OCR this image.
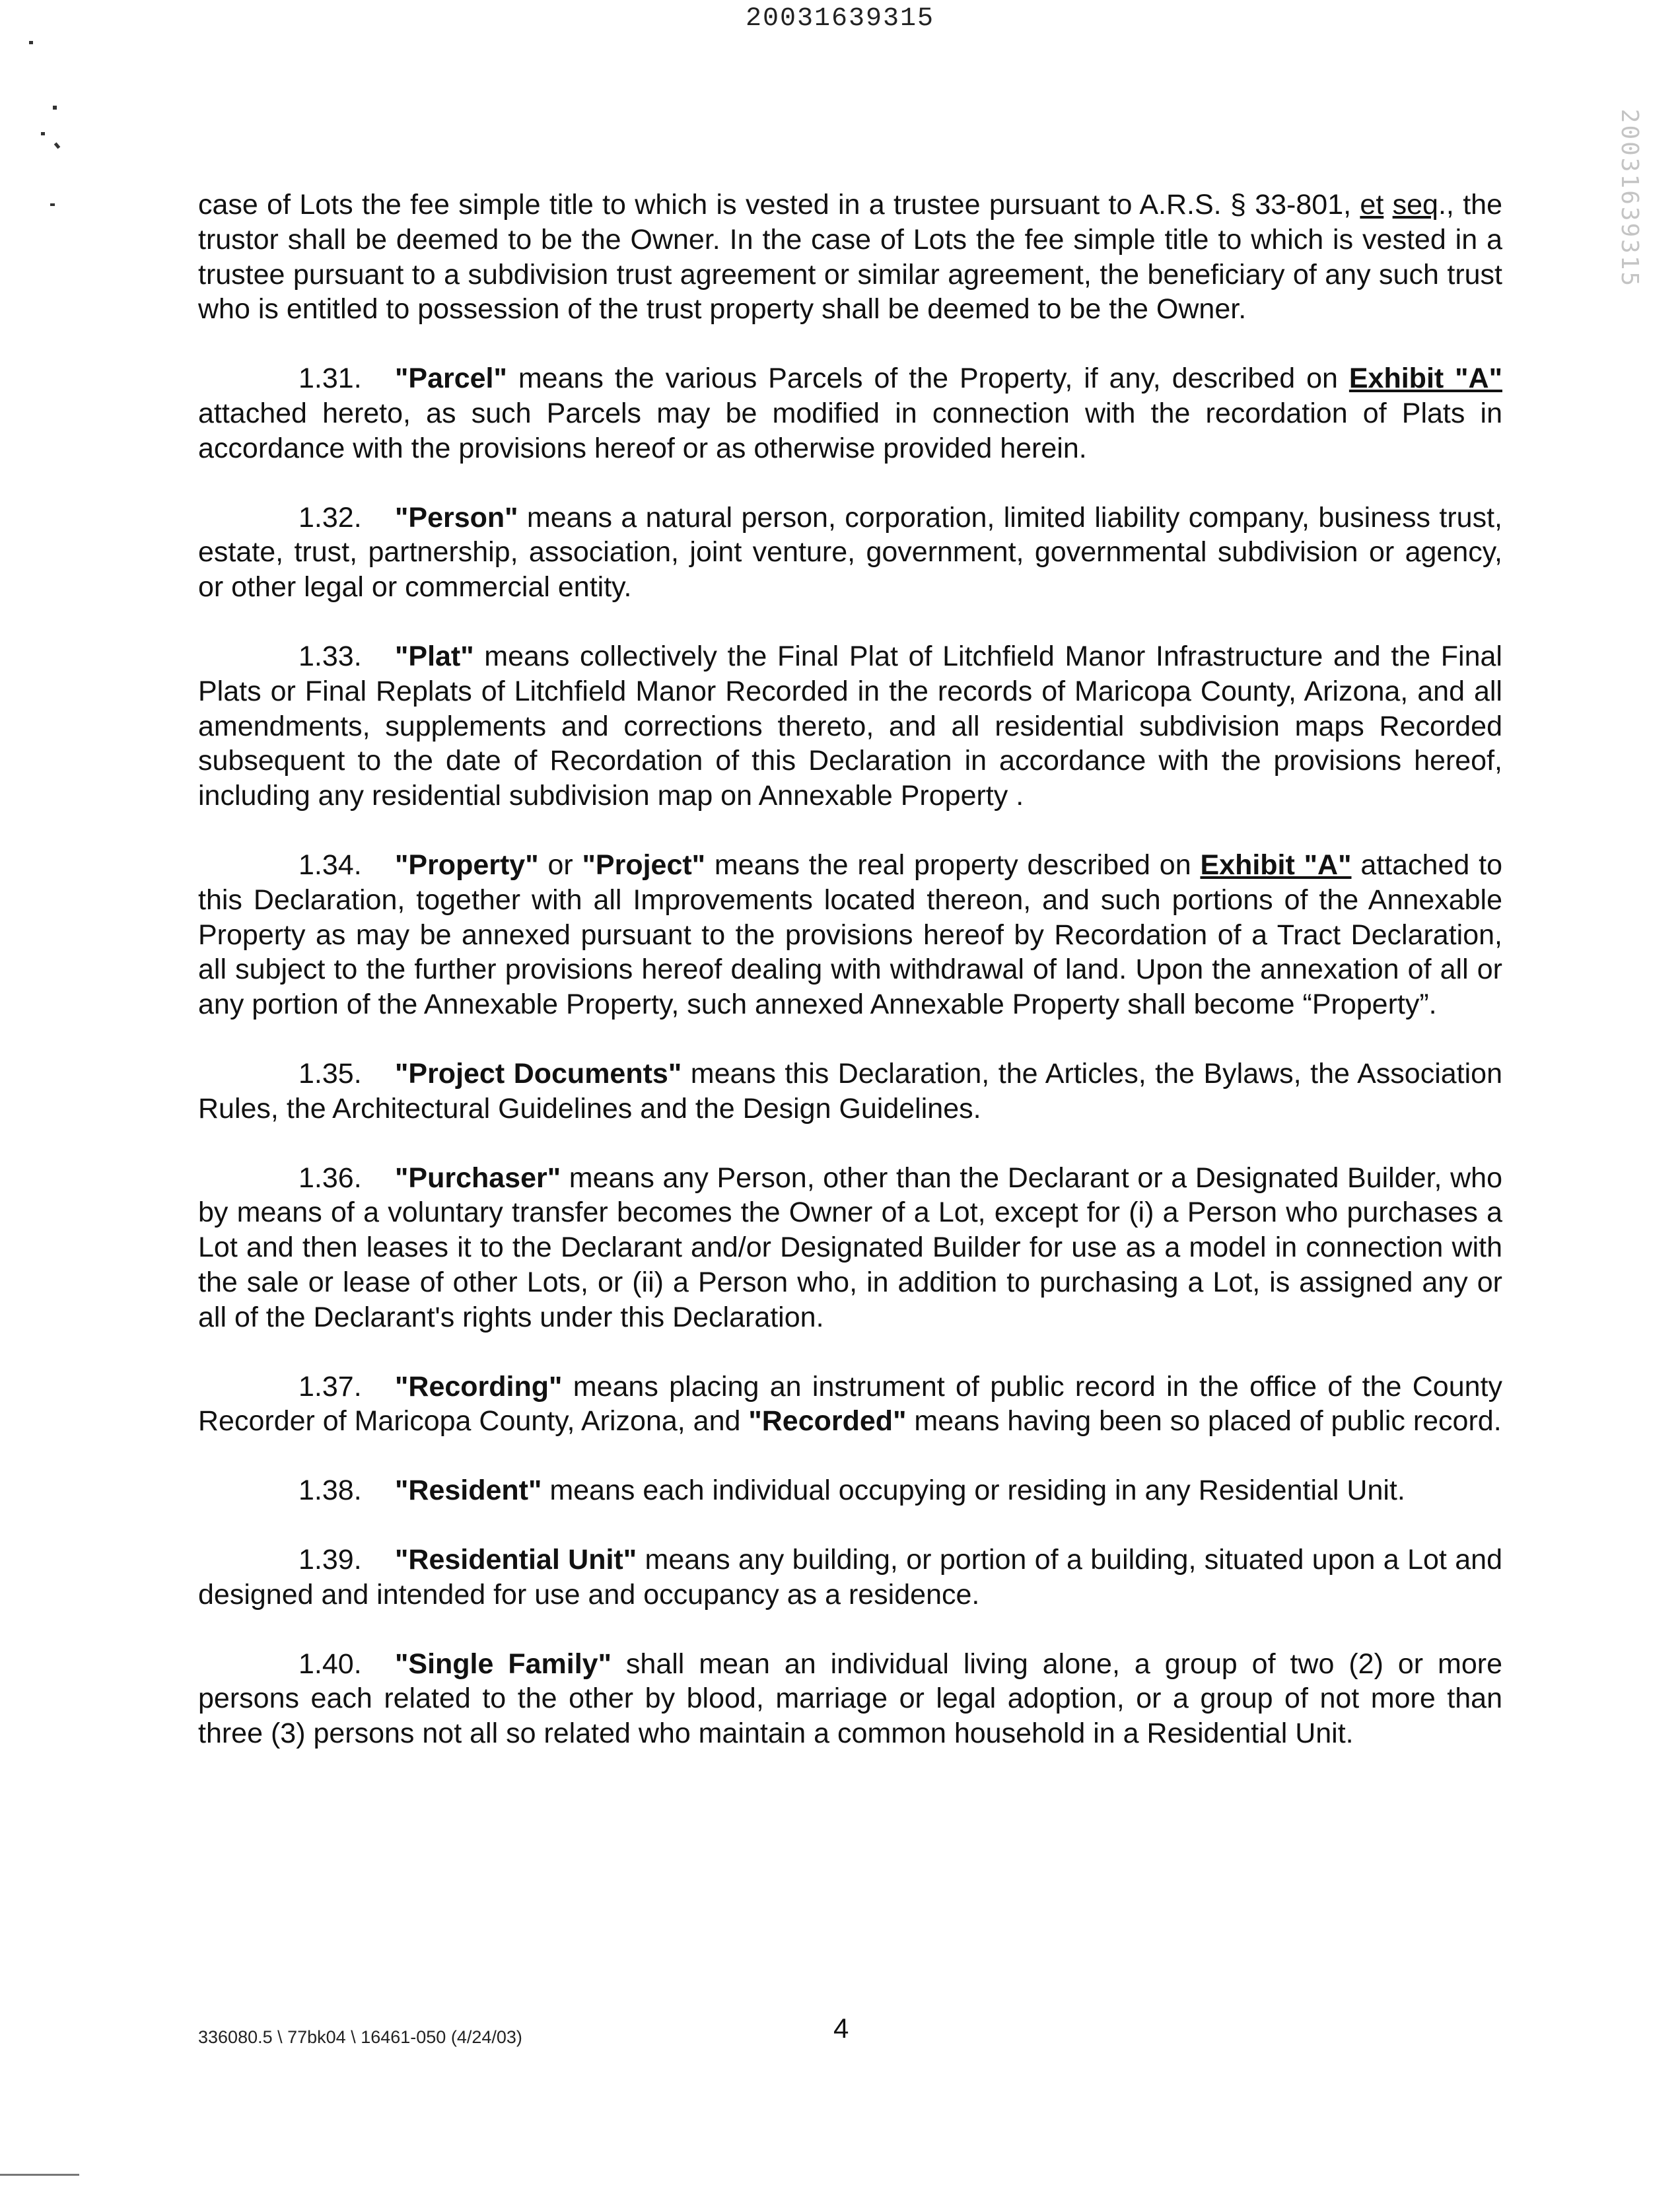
20031639315
20031639315

case of Lots the fee simple title to which is vested in a trustee pursuant to A.R.S. § 33-801, et seq., the trustor shall be deemed to be the Owner. In the case of Lots the fee simple title to which is vested in a trustee pursuant to a subdivision trust agreement or similar agreement, the beneficiary of any such trust who is entitled to possession of the trust property shall be deemed to be the Owner.

1.31. "Parcel" means the various Parcels of the Property, if any, described on Exhibit "A" attached hereto, as such Parcels may be modified in connection with the recordation of Plats in accordance with the provisions hereof or as otherwise provided herein.

1.32. "Person" means a natural person, corporation, limited liability company, business trust, estate, trust, partnership, association, joint venture, government, governmental subdivision or agency, or other legal or commercial entity.

1.33. "Plat" means collectively the Final Plat of Litchfield Manor Infrastructure and the Final Plats or Final Replats of Litchfield Manor Recorded in the records of Maricopa County, Arizona, and all amendments, supplements and corrections thereto, and all residential subdivision maps Recorded subsequent to the date of Recordation of this Declaration in accordance with the provisions hereof, including any residential subdivision map on Annexable Property .

1.34. "Property" or "Project" means the real property described on Exhibit "A" attached to this Declaration, together with all Improvements located thereon, and such portions of the Annexable Property as may be annexed pursuant to the provisions hereof by Recordation of a Tract Declaration, all subject to the further provisions hereof dealing with withdrawal of land. Upon the annexation of all or any portion of the Annexable Property, such annexed Annexable Property shall become “Property”.

1.35. "Project Documents" means this Declaration, the Articles, the Bylaws, the Association Rules, the Architectural Guidelines and the Design Guidelines.

1.36. "Purchaser" means any Person, other than the Declarant or a Designated Builder, who by means of a voluntary transfer becomes the Owner of a Lot, except for (i) a Person who purchases a Lot and then leases it to the Declarant and/or Designated Builder for use as a model in connection with the sale or lease of other Lots, or (ii) a Person who, in addition to purchasing a Lot, is assigned any or all of the Declarant's rights under this Declaration.

1.37. "Recording" means placing an instrument of public record in the office of the County Recorder of Maricopa County, Arizona, and "Recorded" means having been so placed of public record.

1.38. "Resident" means each individual occupying or residing in any Residential Unit.

1.39. "Residential Unit" means any building, or portion of a building, situated upon a Lot and designed and intended for use and occupancy as a residence.

1.40. "Single Family" shall mean an individual living alone, a group of two (2) or more persons each related to the other by blood, marriage or legal adoption, or a group of not more than three (3) persons not all so related who maintain a common household in a Residential Unit.

336080.5 \ 77bk04 \ 16461-050 (4/24/03)	4
